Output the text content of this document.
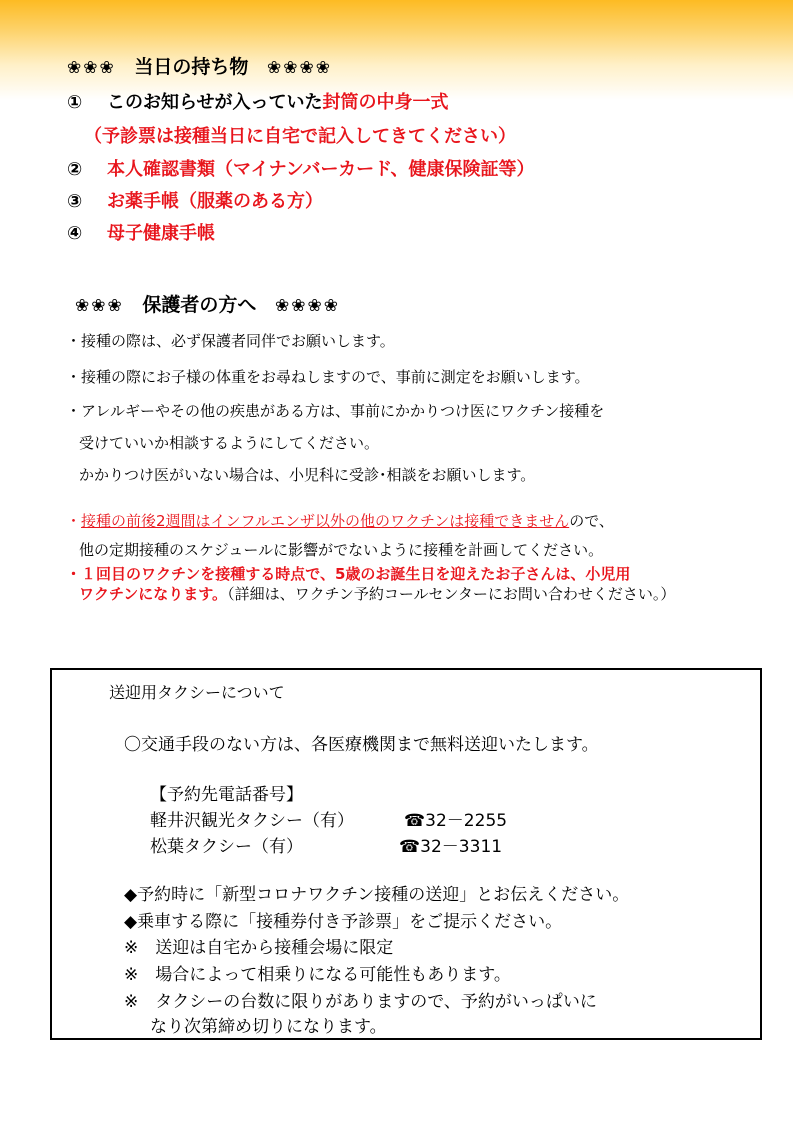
❀❀❀ 当日の持ち物 ❀❀❀❀
① このお知らせが入っていた封筒の中身一式
（予診票は接種当日に自宅で記入してきてください）
② 本人確認書類（マイナンバーカード、健康保険証等）
③ お薬手帳（服薬のある方）
④ 母子健康手帳
❀❀❀ 保護者の方へ ❀❀❀❀
・接種の際は、必ず保護者同伴でお願いします。
・接種の際にお子様の体重をお尋ねしますので、事前に測定をお願いします。
・アレルギーやその他の疾患がある方は、事前にかかりつけ医にワクチン接種を
受けていいか相談するようにしてください。
かかりつけ医がいない場合は、小児科に受診･相談をお願いします。
・接種の前後2週間はインフルエンザ以外の他のワクチンは接種できませんので、
他の定期接種のスケジュールに影響がでないように接種を計画してください。
・１回目のワクチンを接種する時点で、5歳のお誕生日を迎えたお子さんは、小児用
ワクチンになります。（詳細は、ワクチン予約コールセンターにお問い合わせください。）
送迎用タクシーについて
〇交通手段のない方は、各医療機関まで無料送迎いたします。
【予約先電話番号】
軽井沢観光タクシー（有）	☎32－2255
松葉タクシー（有）	☎32－3311
◆予約時に「新型コロナワクチン接種の送迎」とお伝えください。
◆乗車する際に「接種券付き予診票」をご提示ください。
※　送迎は自宅から接種会場に限定
※　場合によって相乗りになる可能性もあります。
※　タクシーの台数に限りがありますので、予約がいっぱいに
なり次第締め切りになります。
